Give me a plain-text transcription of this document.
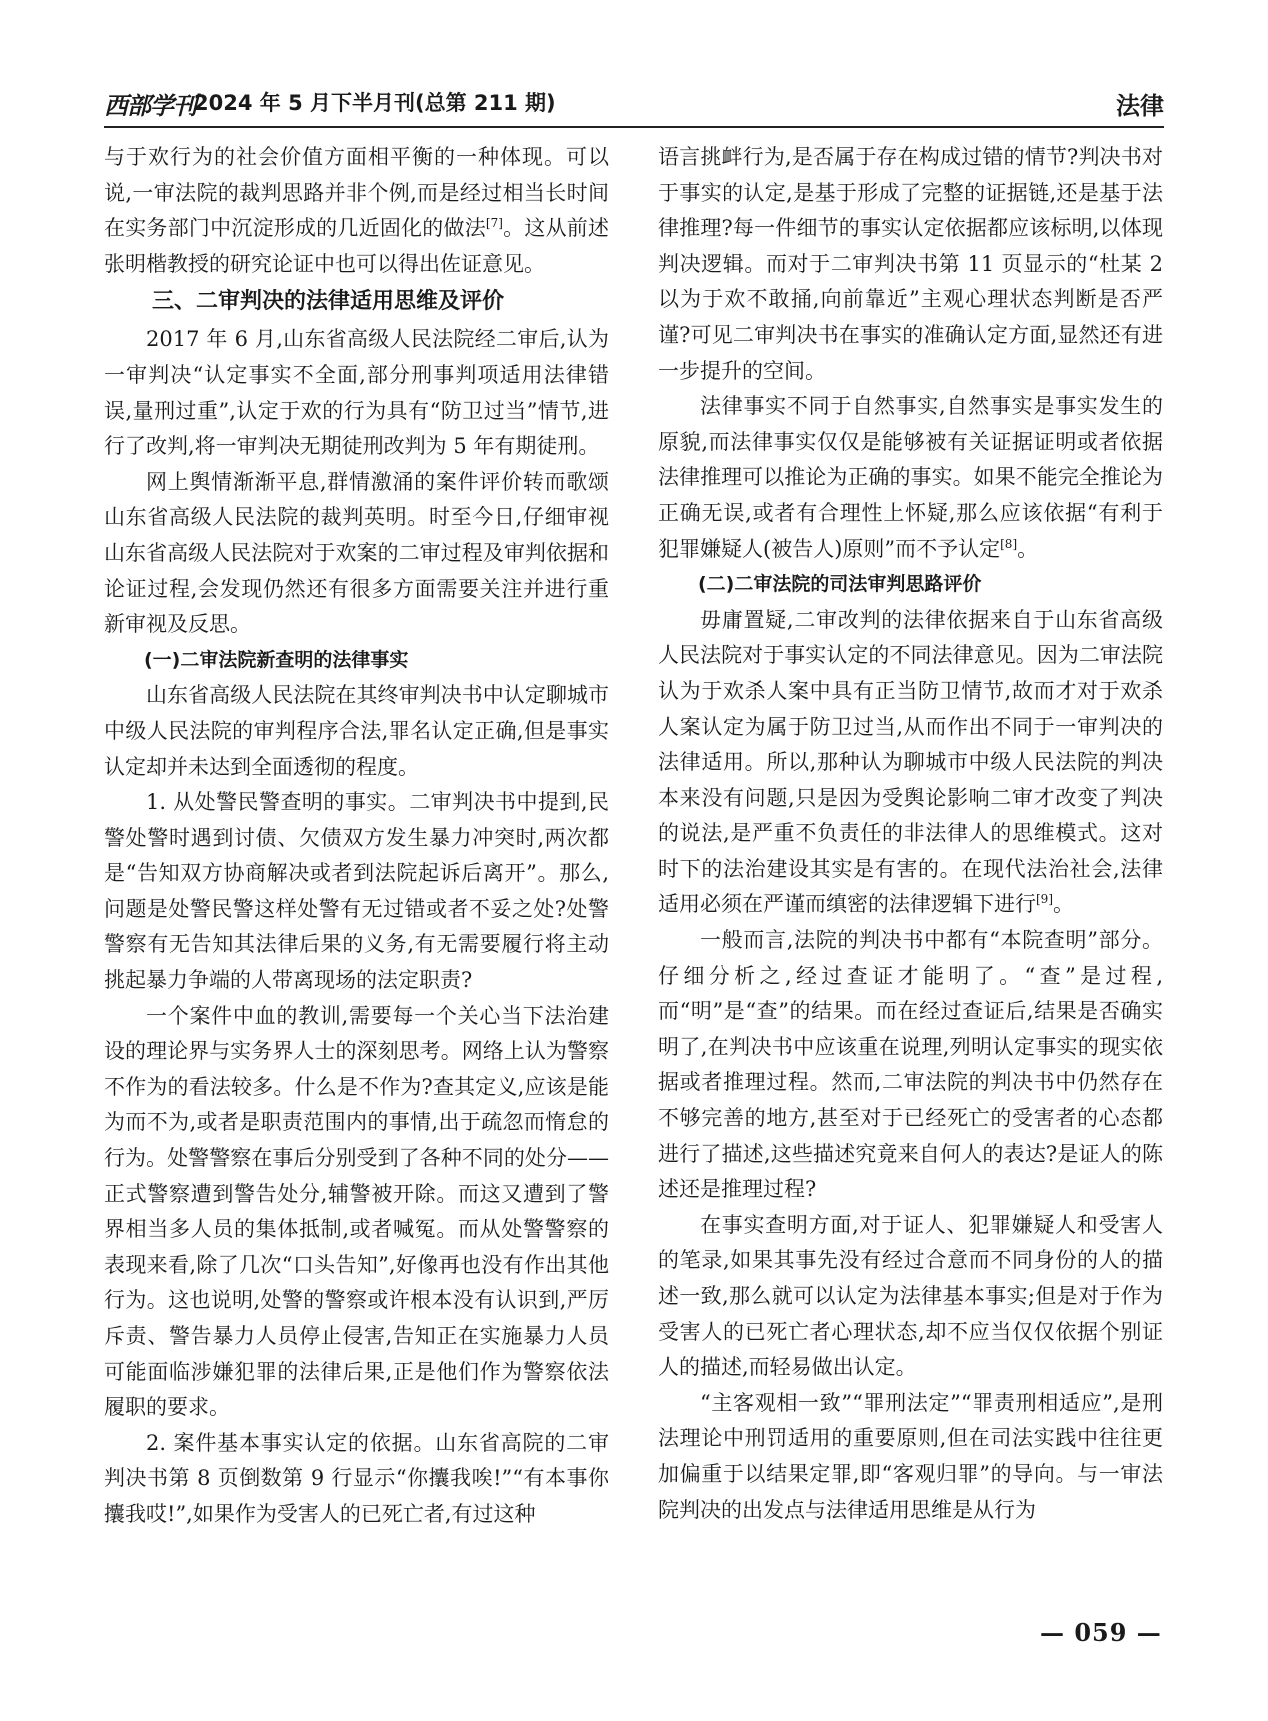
西部学刊
2024 年 5 月下半月刊(总第 211 期)	法律

与于欢行为的社会价值方面相平衡的一种体现。可以说,一审法院的裁判思路并非个例,而是经过相当长时间在实务部门中沉淀形成的几近固化的做法[7]。这从前述张明楷教授的研究论证中也可以得出佐证意见。

三、二审判决的法律适用思维及评价

2017 年 6 月,山东省高级人民法院经二审后,认为一审判决“认定事实不全面,部分刑事判项适用法律错误,量刑过重”,认定于欢的行为具有“防卫过当”情节,进行了改判,将一审判决无期徒刑改判为 5 年有期徒刑。

网上舆情渐渐平息,群情激涌的案件评价转而歌颂山东省高级人民法院的裁判英明。时至今日,仔细审视山东省高级人民法院对于欢案的二审过程及审判依据和论证过程,会发现仍然还有很多方面需要关注并进行重新审视及反思。

(一)二审法院新查明的法律事实

山东省高级人民法院在其终审判决书中认定聊城市中级人民法院的审判程序合法,罪名认定正确,但是事实认定却并未达到全面透彻的程度。

1. 从处警民警查明的事实。二审判决书中提到,民警处警时遇到讨债、欠债双方发生暴力冲突时,两次都是“告知双方协商解决或者到法院起诉后离开”。那么,问题是处警民警这样处警有无过错或者不妥之处?处警警察有无告知其法律后果的义务,有无需要履行将主动挑起暴力争端的人带离现场的法定职责?

一个案件中血的教训,需要每一个关心当下法治建设的理论界与实务界人士的深刻思考。网络上认为警察不作为的看法较多。什么是不作为?查其定义,应该是能为而不为,或者是职责范围内的事情,出于疏忽而惰怠的行为。处警警察在事后分别受到了各种不同的处分——正式警察遭到警告处分,辅警被开除。而这又遭到了警界相当多人员的集体抵制,或者喊冤。而从处警警察的表现来看,除了几次“口头告知”,好像再也没有作出其他行为。这也说明,处警的警察或许根本没有认识到,严厉斥责、警告暴力人员停止侵害,告知正在实施暴力人员可能面临涉嫌犯罪的法律后果,正是他们作为警察依法履职的要求。

2. 案件基本事实认定的依据。山东省高院的二审判决书第 8 页倒数第 9 行显示“你攮我唉!”“有本事你攮我哎!”,如果作为受害人的已死亡者,有过这种

语言挑衅行为,是否属于存在构成过错的情节?判决书对于事实的认定,是基于形成了完整的证据链,还是基于法律推理?每一件细节的事实认定依据都应该标明,以体现判决逻辑。而对于二审判决书第 11 页显示的“杜某 2 以为于欢不敢捅,向前靠近”主观心理状态判断是否严谨?可见二审判决书在事实的准确认定方面,显然还有进一步提升的空间。

法律事实不同于自然事实,自然事实是事实发生的原貌,而法律事实仅仅是能够被有关证据证明或者依据法律推理可以推论为正确的事实。如果不能完全推论为正确无误,或者有合理性上怀疑,那么应该依据“有利于犯罪嫌疑人(被告人)原则”而不予认定[8]。

(二)二审法院的司法审判思路评价

毋庸置疑,二审改判的法律依据来自于山东省高级人民法院对于事实认定的不同法律意见。因为二审法院认为于欢杀人案中具有正当防卫情节,故而才对于欢杀人案认定为属于防卫过当,从而作出不同于一审判决的法律适用。所以,那种认为聊城市中级人民法院的判决本来没有问题,只是因为受舆论影响二审才改变了判决的说法,是严重不负责任的非法律人的思维模式。这对时下的法治建设其实是有害的。在现代法治社会,法律适用必须在严谨而缜密的法律逻辑下进行[9]。

一般而言,法院的判决书中都有“本院查明”部分。仔细分析之,经过查证才能明了。“查”是过程,而“明”是“查”的结果。而在经过查证后,结果是否确实明了,在判决书中应该重在说理,列明认定事实的现实依据或者推理过程。然而,二审法院的判决书中仍然存在不够完善的地方,甚至对于已经死亡的受害者的心态都进行了描述,这些描述究竟来自何人的表达?是证人的陈述还是推理过程?

在事实查明方面,对于证人、犯罪嫌疑人和受害人的笔录,如果其事先没有经过合意而不同身份的人的描述一致,那么就可以认定为法律基本事实;但是对于作为受害人的已死亡者心理状态,却不应当仅仅依据个别证人的描述,而轻易做出认定。

“主客观相一致”“罪刑法定”“罪责刑相适应”,是刑法理论中刑罚适用的重要原则,但在司法实践中往往更加偏重于以结果定罪,即“客观归罪”的导向。与一审法院判决的出发点与法律适用思维是从行为

— 059 —
